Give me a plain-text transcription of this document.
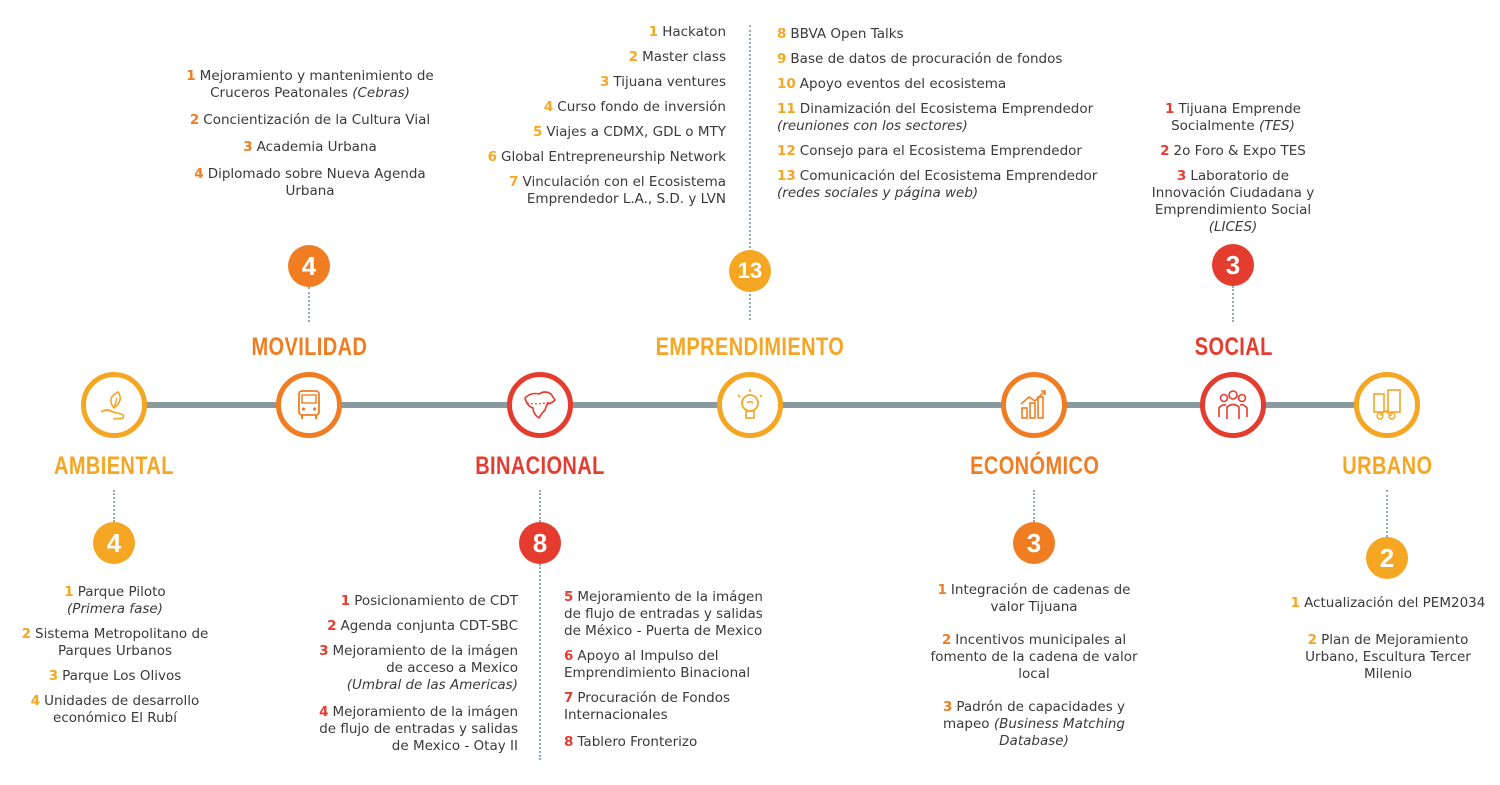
AMBIENTAL
4
MOVILIDAD
4
BINACIONAL
8
EMPRENDIMIENTO
13
ECONÓMICO
3
SOCIAL
3
URBANO
2
1 Parque Piloto
(Primera fase)
2 Sistema Metropolitano de Parques Urbanos
3 Parque Los Olivos
4 Unidades de desarrollo económico El Rubí
1 Mejoramiento y mantenimiento de Cruceros Peatonales (Cebras)
2 Concientización de la Cultura Vial
3 Academia Urbana
4 Diplomado sobre Nueva Agenda Urbana
1 Posicionamiento de CDT
2 Agenda conjunta CDT-SBC
3 Mejoramiento de la imágen de acceso a Mexico
(Umbral de las Americas)
4 Mejoramiento de la imágen de flujo de entradas y salidas de Mexico - Otay II
5 Mejoramiento de la imágen de flujo de entradas y salidas de México - Puerta de Mexico
6 Apoyo al Impulso del Emprendimiento Binacional
7 Procuración de Fondos Internacionales
8 Tablero Fronterizo
1 Hackaton
2 Master class
3 Tijuana ventures
4 Curso fondo de inversión
5 Viajes a CDMX, GDL o MTY
6 Global Entrepreneurship Network
7 Vinculación con el Ecosistema Emprendedor L.A., S.D. y LVN
8 BBVA Open Talks
9 Base de datos de procuración de fondos
10 Apoyo eventos del ecosistema
11 Dinamización del Ecosistema Emprendedor
(reuniones con los sectores)
12 Consejo para el Ecosistema Emprendedor
13 Comunicación del Ecosistema Emprendedor
(redes sociales y página web)
1 Integración de cadenas de valor Tijuana
2 Incentivos municipales al fomento de la cadena de valor local
3 Padrón de capacidades y mapeo (Business Matching Database)
1 Tijuana Emprende Socialmente (TES)
2 2o Foro & Expo TES
3 Laboratorio de Innovación Ciudadana y Emprendimiento Social (LICES)
1 Actualización del PEM2034
2 Plan de Mejoramiento Urbano, Escultura Tercer Milenio
